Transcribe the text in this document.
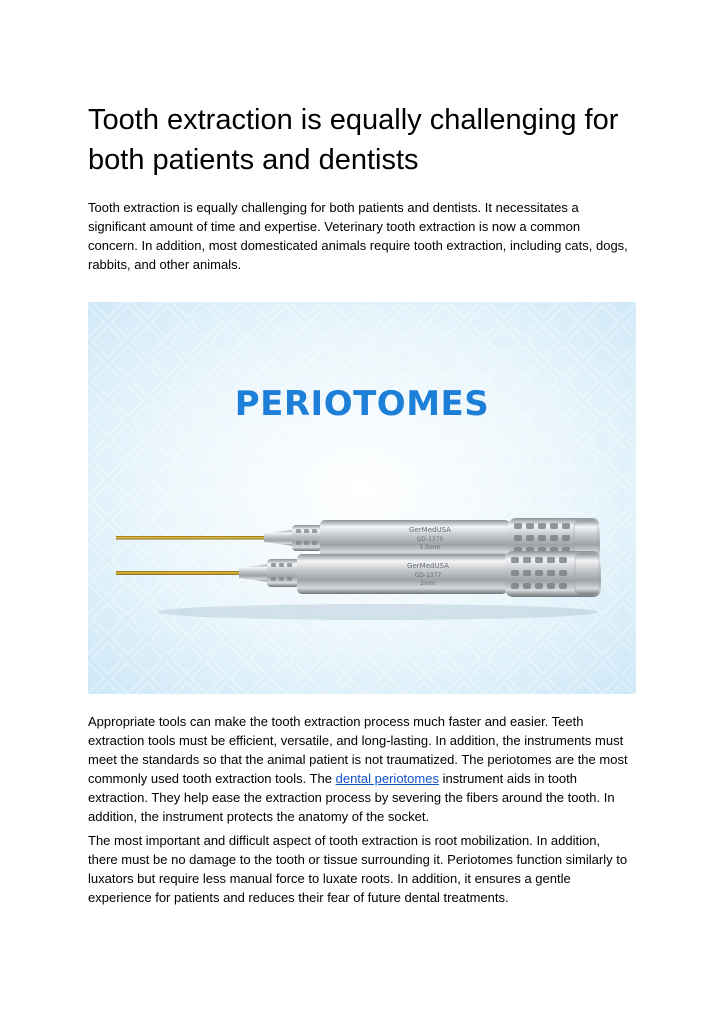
Tooth extraction is equally challenging for both patients and dentists

Tooth extraction is equally challenging for both patients and dentists. It necessitates a significant amount of time and expertise. Veterinary tooth extraction is now a common concern. In addition, most domesticated animals require tooth extraction, including cats, dogs, rabbits, and other animals.

PERIOTOMES
GerMedUSA
GD-1375
1.5mm
GerMedUSA
GD-1377
2mm

Appropriate tools can make the tooth extraction process much faster and easier. Teeth extraction tools must be efficient, versatile, and long-lasting. In addition, the instruments must meet the standards so that the animal patient is not traumatized. The periotomes are the most commonly used tooth extraction tools. The dental periotomes instrument aids in tooth extraction. They help ease the extraction process by severing the fibers around the tooth. In addition, the instrument protects the anatomy of the socket.

The most important and difficult aspect of tooth extraction is root mobilization. In addition, there must be no damage to the tooth or tissue surrounding it. Periotomes function similarly to luxators but require less manual force to luxate roots. In addition, it ensures a gentle experience for patients and reduces their fear of future dental treatments.
